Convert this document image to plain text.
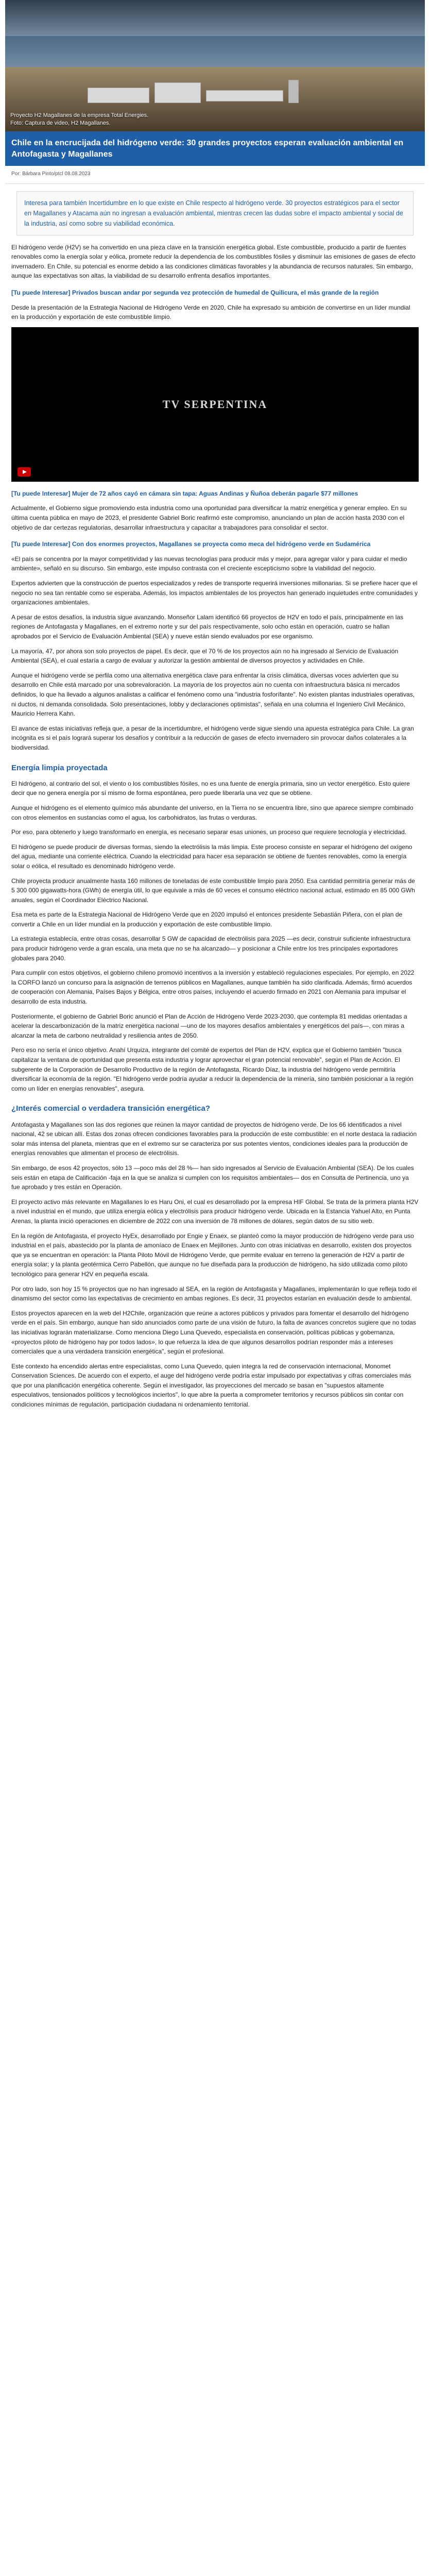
Proyecto H2 Magallanes de la empresa Total Energies. Foto: Captura de video, H2 Magallanes.
Chile en la encrucijada del hidrógeno verde: 30 grandes proyectos esperan evaluación ambiental en Antofagasta y Magallanes
Por: Bárbara Pinto/ptcl 08.08.2023
Interesa para también Incertidumbre en lo que existe en Chile respecto al hidrógeno verde. 30 proyectos estratégicos para el sector en Magallanes y Atacama aún no ingresan a evaluación ambiental, mientras crecen las dudas sobre el impacto ambiental y social de la industria, así como sobre su viabilidad económica.

El hidrógeno verde (H2V) se ha convertido en una pieza clave en la transición energética global. Este combustible, producido a partir de fuentes renovables como la energía solar y eólica, promete reducir la dependencia de los combustibles fósiles y disminuir las emisiones de gases de efecto invernadero. En Chile, su potencial es enorme debido a las condiciones climáticas favorables y la abundancia de recursos naturales. Sin embargo, aunque las expectativas son altas, la viabilidad de su desarrollo enfrenta desafíos importantes.

[Tu puede Interesar] Privados buscan andar por segunda vez protección de humedal de Quilicura, el más grande de la región

Desde la presentación de la Estrategia Nacional de Hidrógeno Verde en 2020, Chile ha expresado su ambición de convertirse en un líder mundial en la producción y exportación de este combustible limpio.

TV SERPENTINA
[Tu puede Interesar] Mujer de 72 años cayó en cámara sin tapa: Aguas Andinas y Ñuñoa deberán pagarle $77 millones

Actualmente, el Gobierno sigue promoviendo esta industria como una oportunidad para diversificar la matriz energética y generar empleo. En su última cuenta pública en mayo de 2023, el presidente Gabriel Boric reafirmó este compromiso, anunciando un plan de acción hasta 2030 con el objetivo de dar certezas regulatorias, desarrollar infraestructura y capacitar a trabajadores para consolidar el sector.

[Tu puede Interesar] Con dos enormes proyectos, Magallanes se proyecta como meca del hidrógeno verde en Sudamérica

«El país se concentra por la mayor competitividad y las nuevas tecnologías para producir más y mejor, para agregar valor y para cuidar el medio ambiente», señaló en su discurso. Sin embargo, este impulso contrasta con el creciente escepticismo sobre la viabilidad del negocio.

Expertos advierten que la construcción de puertos especializados y redes de transporte requerirá inversiones millonarias. Si se prefiere hacer que el negocio no sea tan rentable como se esperaba. Además, los impactos ambientales de los proyectos han generado inquietudes entre comunidades y organizaciones ambientales.

A pesar de estos desafíos, la industria sigue avanzando. Monseñor Lalam identificó 66 proyectos de H2V en todo el país, principalmente en las regiones de Antofagasta y Magallanes, en el extremo norte y sur del país respectivamente, solo ocho están en operación, cuatro se hallan aprobados por el Servicio de Evaluación Ambiental (SEA) y nueve están siendo evaluados por ese organismo.

La mayoría, 47, por ahora son solo proyectos de papel. Es decir, que el 70 % de los proyectos aún no ha ingresado al Servicio de Evaluación Ambiental (SEA), el cual estaría a cargo de evaluar y autorizar la gestión ambiental de diversos proyectos y actividades en Chile.

Aunque el hidrógeno verde se perfila como una alternativa energética clave para enfrentar la crisis climática, diversas voces advierten que su desarrollo en Chile está marcado por una sobrevaloración. La mayoría de los proyectos aún no cuenta con infraestructura básica ni mercados definidos, lo que ha llevado a algunos analistas a calificar el fenómeno como una "industria fosforífante". No existen plantas industriales operativas, ni ductos, ni demanda consolidada. Solo presentaciones, lobby y declaraciones optimistas", señala en una columna el Ingeniero Civil Mecánico, Mauricio Herrera Kahn.

El avance de estas iniciativas refleja que, a pesar de la incertidumbre, el hidrógeno verde sigue siendo una apuesta estratégica para Chile. La gran incógnita es si el país logrará superar los desafíos y contribuir a la reducción de gases de efecto invernadero sin provocar daños colaterales a la biodiversidad.

Energía limpia proyectada

El hidrógeno, al contrario del sol, el viento o los combustibles fósiles, no es una fuente de energía primaria, sino un vector energético. Esto quiere decir que no genera energía por sí mismo de forma espontánea, pero puede liberarla una vez que se obtiene.

Aunque el hidrógeno es el elemento químico más abundante del universo, en la Tierra no se encuentra libre, sino que aparece siempre combinado con otros elementos en sustancias como el agua, los carbohidratos, las frutas o verduras.

Por eso, para obtenerlo y luego transformarlo en energía, es necesario separar esas uniones, un proceso que requiere tecnología y electricidad.

El hidrógeno se puede producir de diversas formas, siendo la electrólisis la más limpia. Este proceso consiste en separar el hidrógeno del oxígeno del agua, mediante una corriente eléctrica. Cuando la electricidad para hacer esa separación se obtiene de fuentes renovables, como la energía solar o eólica, el resultado es denominado hidrógeno verde.

Chile proyecta producir anualmente hasta 160 millones de toneladas de este combustible limpio para 2050. Esa cantidad permitiría generar más de 5 300 000 gigawatts-hora (GWh) de energía útil, lo que equivale a más de 60 veces el consumo eléctrico nacional actual, estimado en 85 000 GWh anuales, según el Coordinador Eléctrico Nacional.

Esa meta es parte de la Estrategia Nacional de Hidrógeno Verde que en 2020 impulsó el entonces presidente Sebastián Piñera, con el plan de convertir a Chile en un líder mundial en la producción y exportación de este combustible limpio.

La estrategia establecía, entre otras cosas, desarrollar 5 GW de capacidad de electrólisis para 2025 —es decir, construir suficiente infraestructura para producir hidrógeno verde a gran escala, una meta que no se ha alcanzado— y posicionar a Chile entre los tres principales exportadores globales para 2040.

Para cumplir con estos objetivos, el gobierno chileno promovió incentivos a la inversión y estableció regulaciones especiales. Por ejemplo, en 2022 la CORFO lanzó un concurso para la asignación de terrenos públicos en Magallanes, aunque también ha sido clarificada. Además, firmó acuerdos de cooperación con Alemania, Países Bajos y Bélgica, entre otros países, incluyendo el acuerdo firmado en 2021 con Alemania para impulsar el desarrollo de esta industria.

Posteriormente, el gobierno de Gabriel Boric anunció el Plan de Acción de Hidrógeno Verde 2023-2030, que contempla 81 medidas orientadas a acelerar la descarbonización de la matriz energética nacional —uno de los mayores desafíos ambientales y energéticos del país—, con miras a alcanzar la meta de carbono neutralidad y resiliencia antes de 2050.

Pero eso no sería el único objetivo. Anahí Urquiza, integrante del comité de expertos del Plan de H2V, explica que el Gobierno también "busca capitalizar la ventana de oportunidad que presenta esta industria y lograr aprovechar el gran potencial renovable", según el Plan de Acción. El subgerente de la Corporación de Desarrollo Productivo de la región de Antofagasta, Ricardo Díaz, la industria del hidrógeno verde permitiría diversificar la economía de la región. "El hidrógeno verde podría ayudar a reducir la dependencia de la minería, sino también posicionar a la región como un líder en energías renovables", asegura.

¿Interés comercial o verdadera transición energética?

Antofagasta y Magallanes son las dos regiones que reúnen la mayor cantidad de proyectos de hidrógeno verde. De los 66 identificados a nivel nacional, 42 se ubican allí. Estas dos zonas ofrecen condiciones favorables para la producción de este combustible: en el norte destaca la radiación solar más intensa del planeta, mientras que en el extremo sur se caracteriza por sus potentes vientos, condiciones ideales para la producción de energías renovables que alimentan el proceso de electrólisis.

Sin embargo, de esos 42 proyectos, sólo 13 —poco más del 28 %— han sido ingresados al Servicio de Evaluación Ambiental (SEA). De los cuales seis están en etapa de Calificación -faja en la que se analiza si cumplen con los requisitos ambientales— dos en Consulta de Pertinencia, uno ya fue aprobado y tres están en Operación.

El proyecto activo más relevante en Magallanes lo es Haru Oni, el cual es desarrollado por la empresa HIF Global. Se trata de la primera planta H2V a nivel industrial en el mundo, que utiliza energía eólica y electrólisis para producir hidrógeno verde. Ubicada en la Estancia Yahuel Alto, en Punta Arenas, la planta inició operaciones en diciembre de 2022 con una inversión de 78 millones de dólares, según datos de su sitio web.

En la región de Antofagasta, el proyecto HyEx, desarrollado por Engie y Enaex, se planteó como la mayor producción de hidrógeno verde para uso industrial en el país, abastecido por la planta de amoníaco de Enaex en Mejillones. Junto con otras iniciativas en desarrollo, existen dos proyectos que ya se encuentran en operación: la Planta Piloto Móvil de Hidrógeno Verde, que permite evaluar en terreno la generación de H2V a partir de energía solar; y la planta geotérmica Cerro Pabellón, que aunque no fue diseñada para la producción de hidrógeno, ha sido utilizada como piloto tecnológico para generar H2V en pequeña escala.

Por otro lado, son hoy 15 % proyectos que no han ingresado al SEA, en la región de Antofagasta y Magallanes, implementarán lo que refleja todo el dinamismo del sector como las expectativas de crecimiento en ambas regiones. Es decir, 31 proyectos estarían en evaluación desde lo ambiental.

Estos proyectos aparecen en la web del H2Chile, organización que reúne a actores públicos y privados para fomentar el desarrollo del hidrógeno verde en el país. Sin embargo, aunque han sido anunciados como parte de una visión de futuro, la falta de avances concretos sugiere que no todas las iniciativas lograrán materializarse. Como menciona Diego Luna Quevedo, especialista en conservación, políticas públicas y gobernanza, «proyectos piloto de hidrógeno hay por todos lados», lo que refuerza la idea de que algunos desarrollos podrían responder más a intereses comerciales que a una verdadera transición energética", según el profesional.

Este contexto ha encendido alertas entre especialistas, como Luna Quevedo, quien integra la red de conservación internacional, Monomet Conservation Sciences. De acuerdo con el experto, el auge del hidrógeno verde podría estar impulsado por expectativas y cifras comerciales más que por una planificación energética coherente. Según el investigador, las proyecciones del mercado se basan en "supuestos altamente especulativos, tensionados políticos y tecnológicos inciertos", lo que abre la puerta a comprometer territorios y recursos públicos sin contar con condiciones mínimas de regulación, participación ciudadana ni ordenamiento territorial.
